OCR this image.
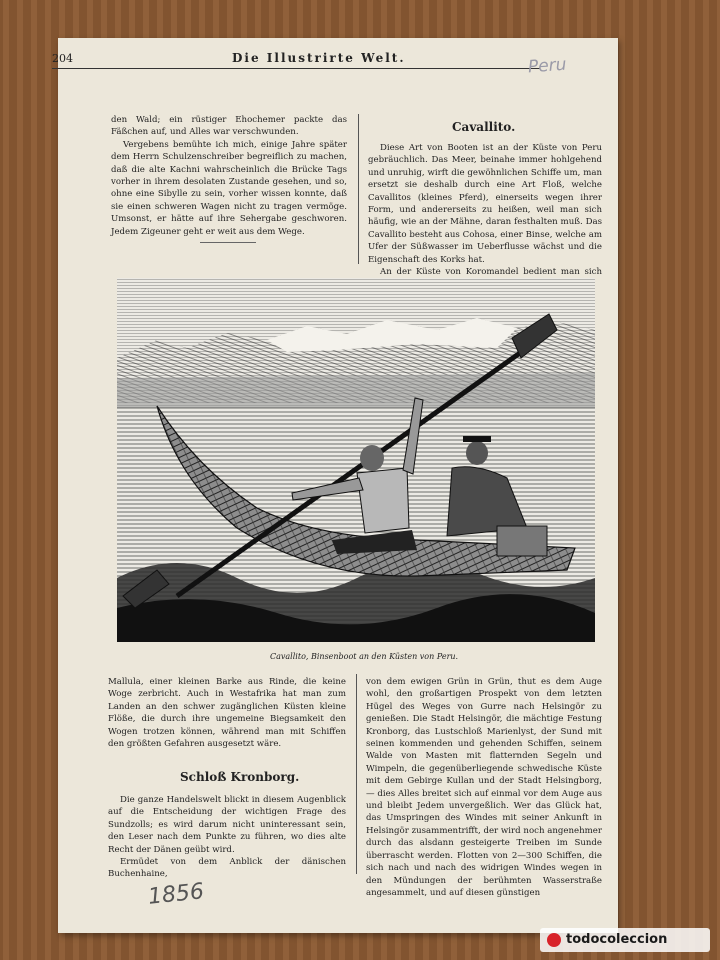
204	Die Illustrirte Welt.	Peru

den Wald; ein rüstiger Ehochemer packte das Fäßchen auf, und Alles war verschwunden.

Vergebens bemühte ich mich, einige Jahre später dem Herrn Schulzenschreiber begreiflich zu machen, daß die alte Kachni wahrscheinlich die Brücke Tags vorher in ihrem desolaten Zustande gesehen, und so, ohne eine Sibylle zu sein, vorher wissen konnte, daß sie einen schweren Wagen nicht zu tragen vermöge. Umsonst, er hätte auf ihre Sehergabe geschworen. Jedem Zigeuner geht er weit aus dem Wege.

Cavallito.

Diese Art von Booten ist an der Küste von Peru gebräuchlich. Das Meer, beinahe immer hohlgehend und unruhig, wirft die gewöhnlichen Schiffe um, man ersetzt sie deshalb durch eine Art Floß, welche Cavallitos (kleines Pferd), einerseits wegen ihrer Form, und andererseits zu heißen, weil man sich häufig, wie an der Mähne, daran festhalten muß. Das Cavallito besteht aus Cohosa, einer Binse, welche am Ufer der Süßwasser im Ueberflusse wächst und die Eigenschaft des Korks hat.

An der Küste von Koromandel bedient man sich

Cavallito, Binsenboot an den Küsten von Peru.

Mallula, einer kleinen Barke aus Rinde, die keine Woge zerbricht. Auch in Westafrika hat man zum Landen an den schwer zugänglichen Küsten kleine Flöße, die durch ihre ungemeine Biegsamkeit den Wogen trotzen können, während man mit Schiffen den größten Gefahren ausgesetzt wäre.

Schloß Kronborg.

Die ganze Handelswelt blickt in diesem Augenblick auf die Entscheidung der wichtigen Frage des Sundzolls; es wird darum nicht uninteressant sein, den Leser nach dem Punkte zu führen, wo dies alte Recht der Dänen geübt wird.

Ermüdet von dem Anblick der dänischen Buchenhaine,

von dem ewigen Grün in Grün, thut es dem Auge wohl, den großartigen Prospekt von dem letzten Hügel des Weges von Gurre nach Helsingör zu genießen. Die Stadt Helsingör, die mächtige Festung Kronborg, das Lustschloß Marienlyst, der Sund mit seinen kommenden und gehenden Schiffen, seinem Walde von Masten mit flatternden Segeln und Wimpeln, die gegenüberliegende schwedische Küste mit dem Gebirge Kullan und der Stadt Helsingborg, — dies Alles breitet sich auf einmal vor dem Auge aus und bleibt Jedem unvergeßlich. Wer das Glück hat, das Umspringen des Windes mit seiner Ankunft in Helsingör zusammentrifft, der wird noch angenehmer durch das alsdann gesteigerte Treiben im Sunde überrascht werden. Flotten von 2—300 Schiffen, die sich nach und nach des widrigen Windes wegen in den Mündungen der berühmten Wasserstraße angesammelt, und auf diesen günstigen

1856
todocoleccion
